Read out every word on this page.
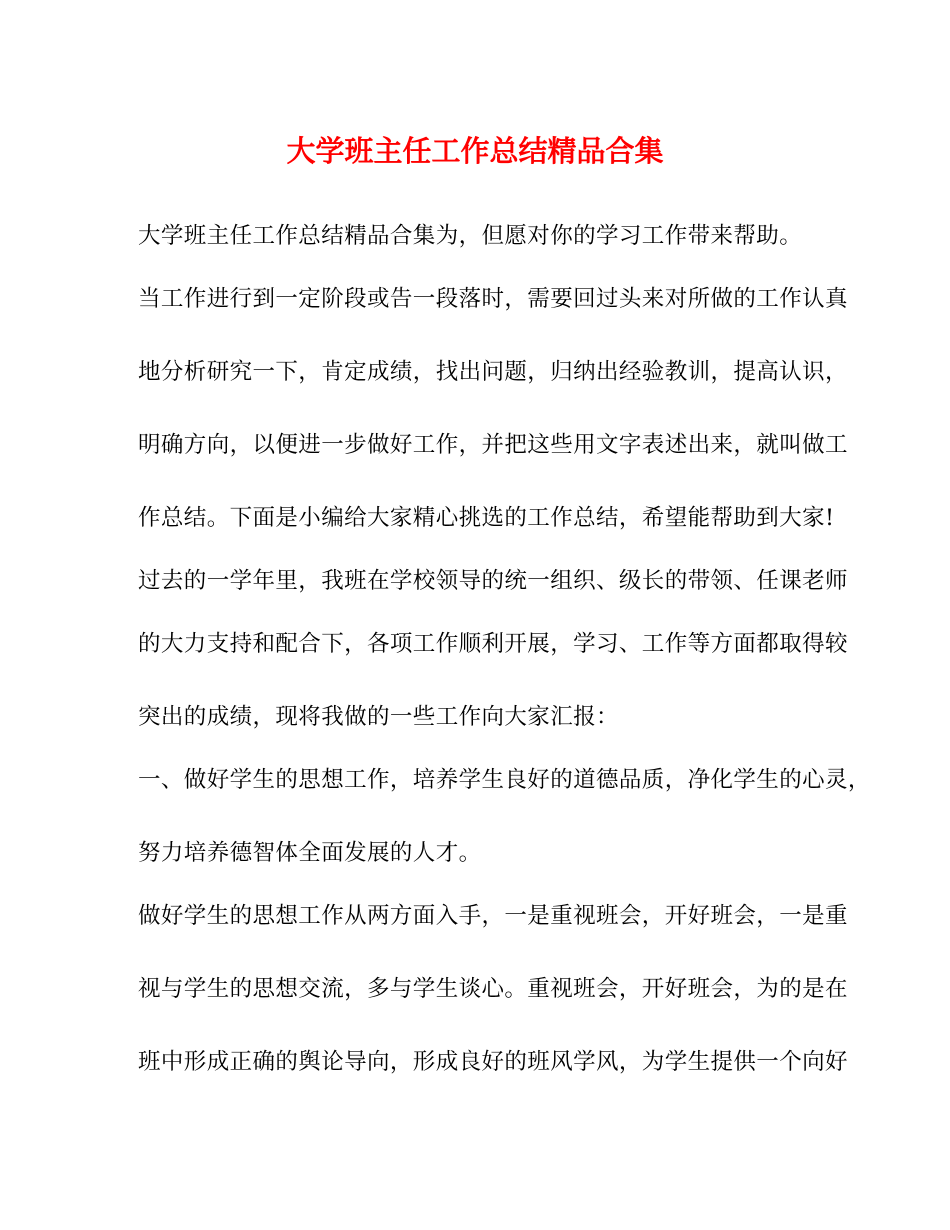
大学班主任工作总结精品合集
大学班主任工作总结精品合集为，但愿对你的学习工作带来帮助。
当工作进行到一定阶段或告一段落时，需要回过头来对所做的工作认真
地分析研究一下，肯定成绩，找出问题，归纳出经验教训，提高认识，
明确方向，以便进一步做好工作，并把这些用文字表述出来，就叫做工
作总结。下面是小编给大家精心挑选的工作总结，希望能帮助到大家!
过去的一学年里，我班在学校领导的统一组织、级长的带领、任课老师
的大力支持和配合下，各项工作顺利开展，学习、工作等方面都取得较
突出的成绩，现将我做的一些工作向大家汇报：
一、做好学生的思想工作，培养学生良好的道德品质，净化学生的心灵，
努力培养德智体全面发展的人才。
做好学生的思想工作从两方面入手，一是重视班会，开好班会，一是重
视与学生的思想交流，多与学生谈心。重视班会，开好班会，为的是在
班中形成正确的舆论导向，形成良好的班风学风，为学生提供一个向好
